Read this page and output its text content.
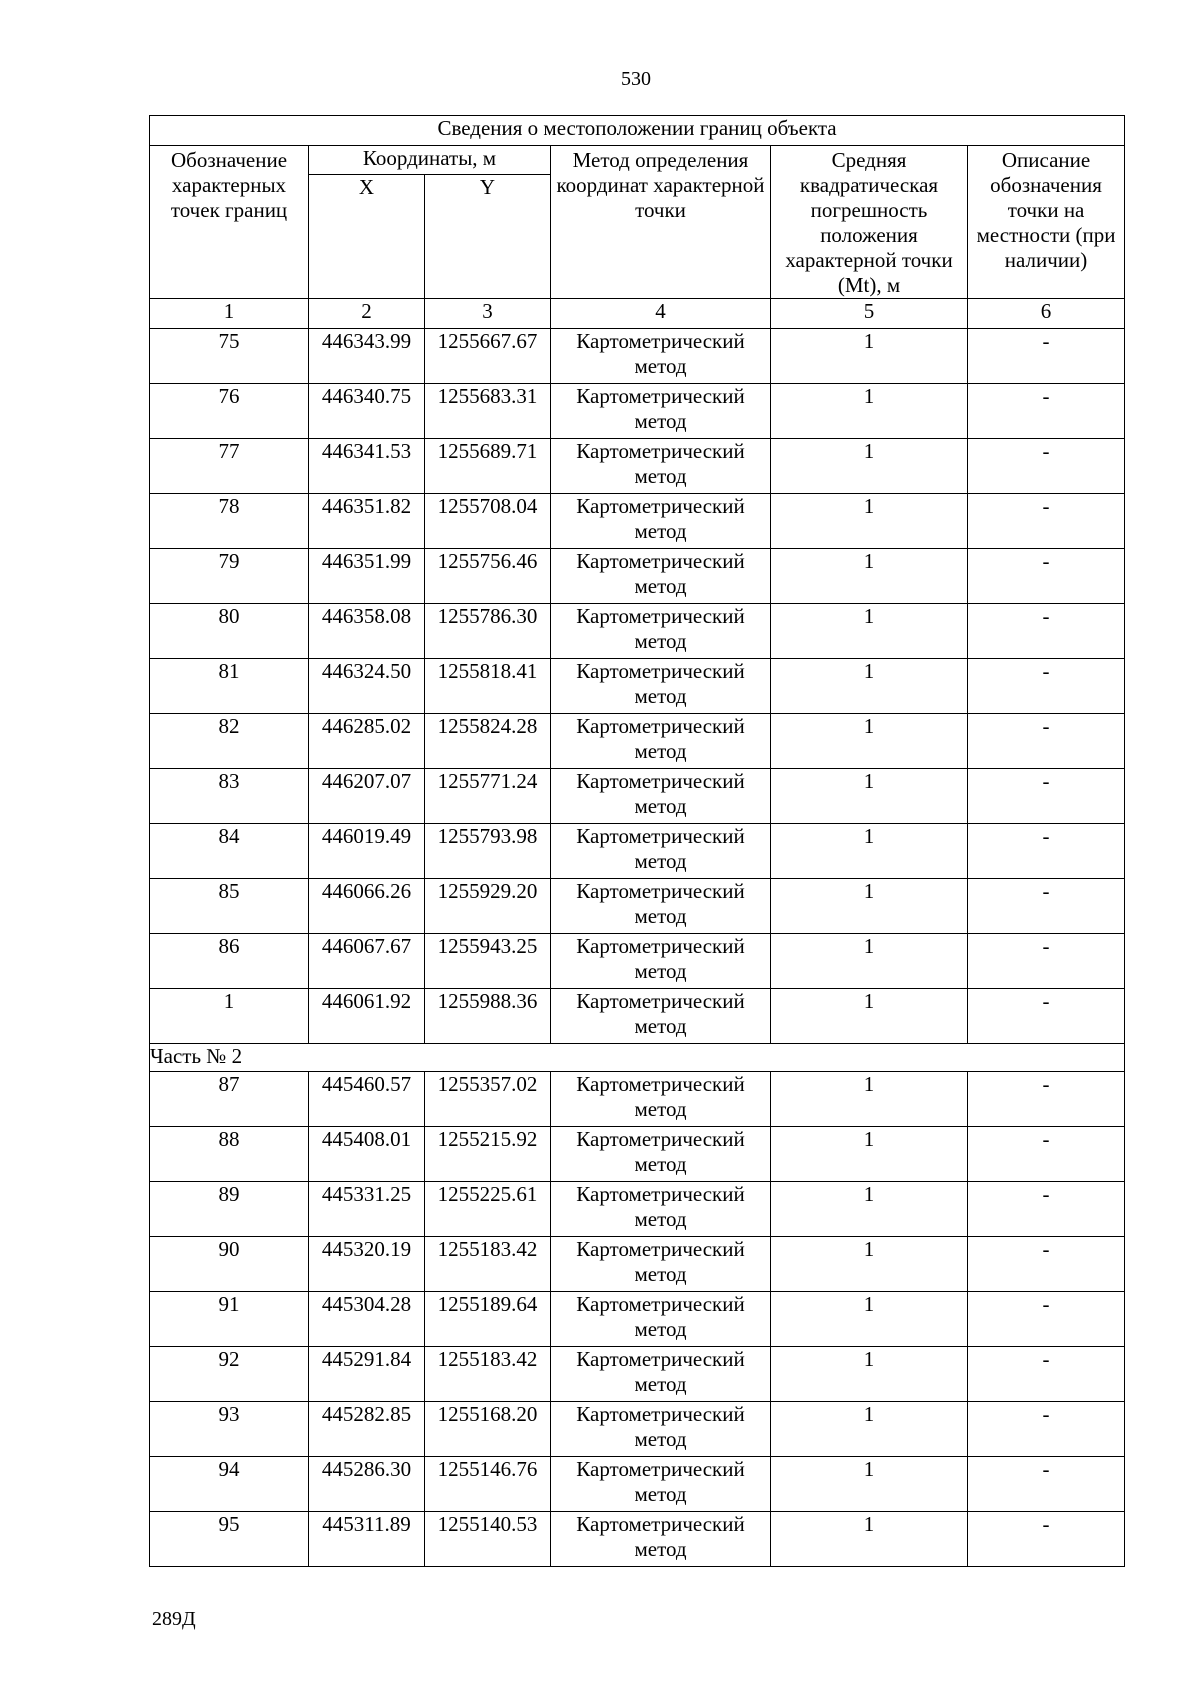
530
Сведения о местоположении границ объекта					
Обозначение характерных точек границ	Координаты, м		Метод определения координат характерной точки	Средняя квадратическая погрешность положения характерной точки (Mt), м	Описание обозначения точки на местности (при наличии)
	X	Y			
1	2	3	4	5	6
75	446343.99	1255667.67	Картометрический метод	1	-
76	446340.75	1255683.31	Картометрический метод	1	-
77	446341.53	1255689.71	Картометрический метод	1	-
78	446351.82	1255708.04	Картометрический метод	1	-
79	446351.99	1255756.46	Картометрический метод	1	-
80	446358.08	1255786.30	Картометрический метод	1	-
81	446324.50	1255818.41	Картометрический метод	1	-
82	446285.02	1255824.28	Картометрический метод	1	-
83	446207.07	1255771.24	Картометрический метод	1	-
84	446019.49	1255793.98	Картометрический метод	1	-
85	446066.26	1255929.20	Картометрический метод	1	-
86	446067.67	1255943.25	Картометрический метод	1	-
1	446061.92	1255988.36	Картометрический метод	1	-
Часть № 2					
87	445460.57	1255357.02	Картометрический метод	1	-
88	445408.01	1255215.92	Картометрический метод	1	-
89	445331.25	1255225.61	Картометрический метод	1	-
90	445320.19	1255183.42	Картометрический метод	1	-
91	445304.28	1255189.64	Картометрический метод	1	-
92	445291.84	1255183.42	Картометрический метод	1	-
93	445282.85	1255168.20	Картометрический метод	1	-
94	445286.30	1255146.76	Картометрический метод	1	-
95	445311.89	1255140.53	Картометрический метод	1	-
289Д
